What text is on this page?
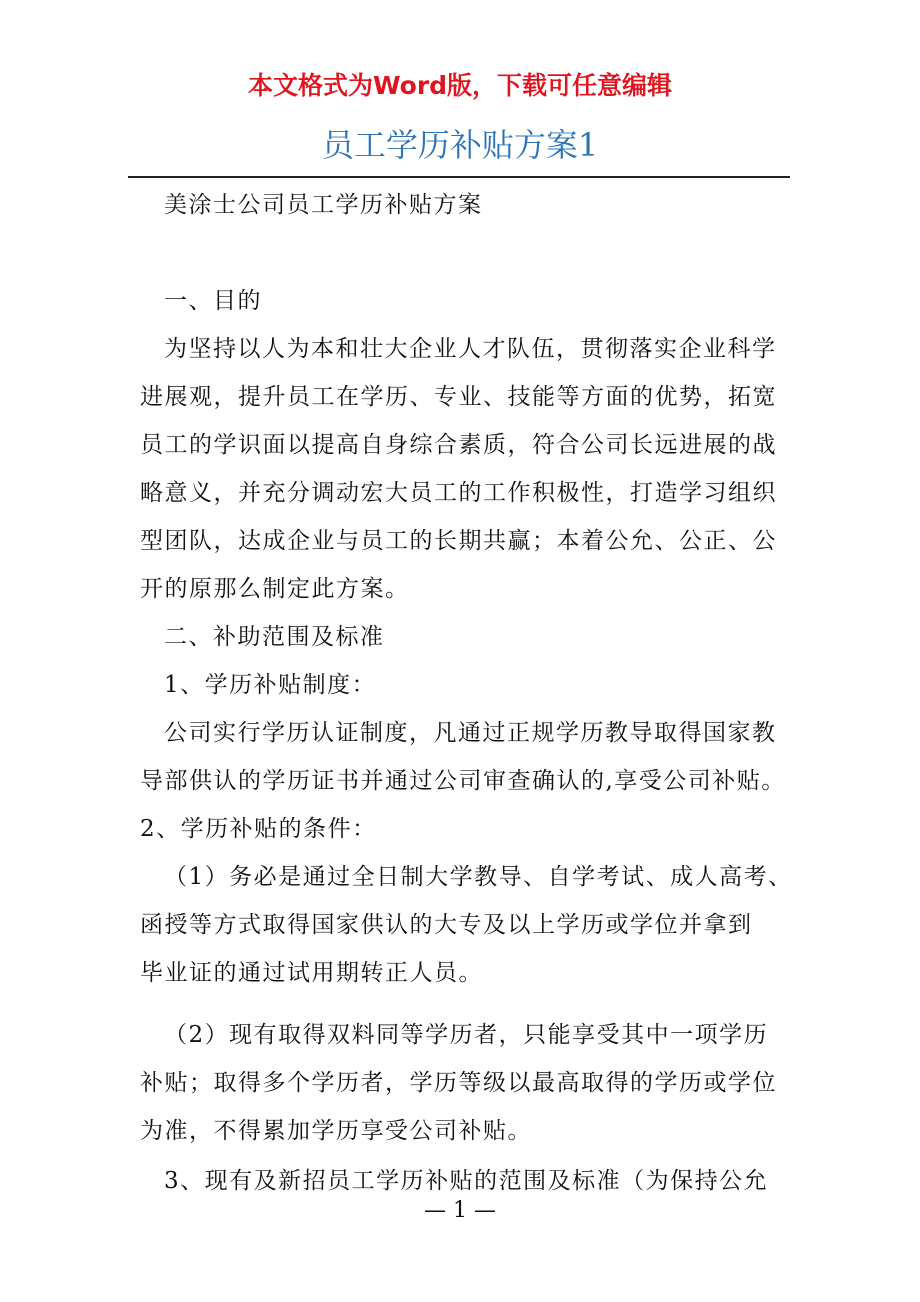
本文格式为Word版，下载可任意编辑
员工学历补贴方案1

美涂士公司员工学历补贴方案

一、目的

为坚持以人为本和壮大企业人才队伍，贯彻落实企业科学

进展观，提升员工在学历、专业、技能等方面的优势，拓宽

员工的学识面以提高自身综合素质，符合公司长远进展的战

略意义，并充分调动宏大员工的工作积极性，打造学习组织

型团队，达成企业与员工的长期共赢；本着公允、公正、公

开的原那么制定此方案。

二、补助范围及标准

1、学历补贴制度：

公司实行学历认证制度，凡通过正规学历教导取得国家教

导部供认的学历证书并通过公司审查确认的,享受公司补贴。

2、学历补贴的条件：

（1）务必是通过全日制大学教导、自学考试、成人高考、

函授等方式取得国家供认的大专及以上学历或学位并拿到

毕业证的通过试用期转正人员。

（2）现有取得双料同等学历者，只能享受其中一项学历

补贴；取得多个学历者，学历等级以最高取得的学历或学位

为准，不得累加学历享受公司补贴。

3、现有及新招员工学历补贴的范围及标准（为保持公允

— 1 —
